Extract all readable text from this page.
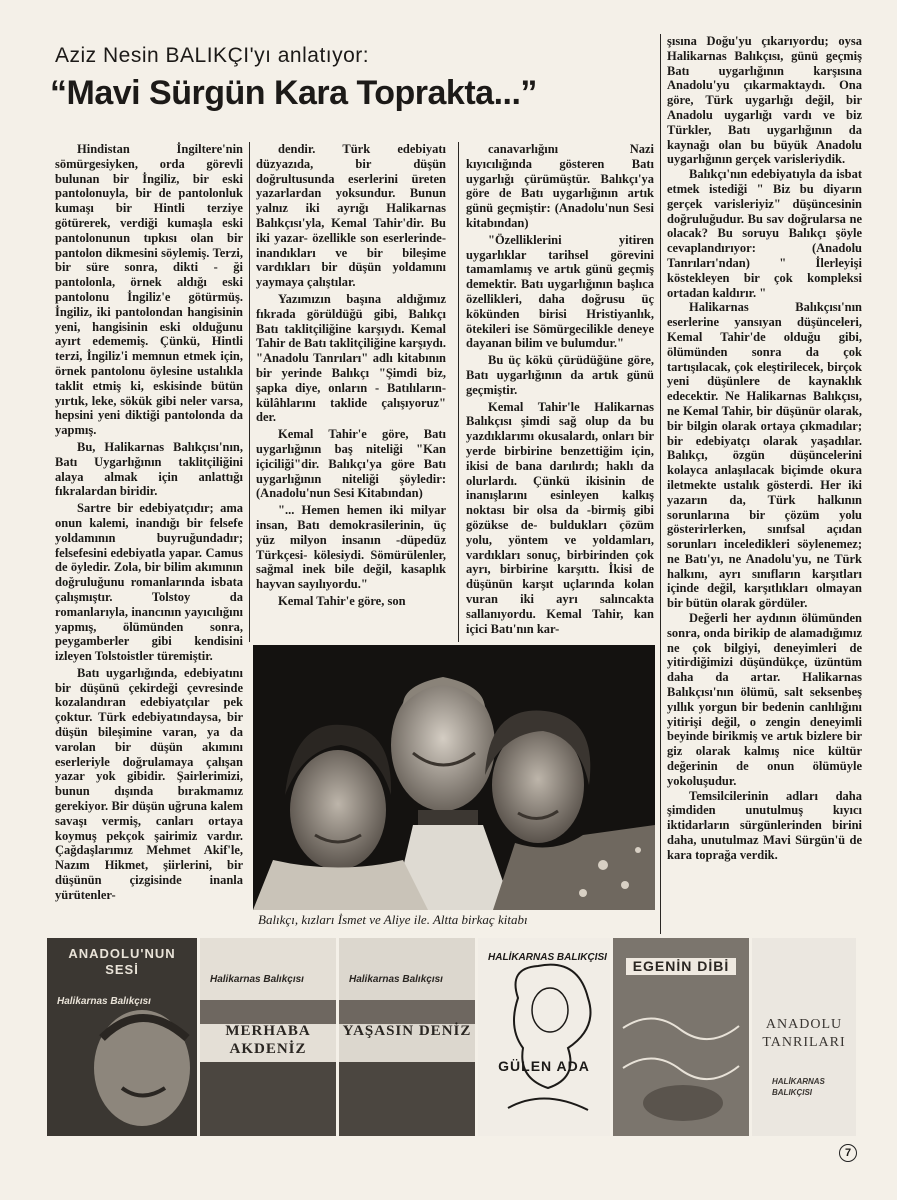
Aziz Nesin BALIKÇI'yı anlatıyor:
“Mavi Sürgün Kara Toprakta...”

Hindistan İngiltere'nin sömürgesiyken, orda görevli bulunan bir İngiliz, bir eski pantolonuyla, bir de pantolonluk kumaşı bir Hintli terziye götürerek, verdiği kumaşla eski pantolonunun tıpkısı olan bir pantolon dikmesini söylemiş. Terzi, bir süre sonra, dikti - ği pantolonla, örnek aldığı eski pantolonu İngiliz'e götürmüş. İngiliz, iki pantolondan hangisinin yeni, hangisinin eski olduğunu ayırt edememiş. Çünkü, Hintli terzi, İngiliz'i memnun etmek için, örnek pantolonu öylesine ustalıkla taklit etmiş ki, eskisinde bütün yırtık, leke, sökük gibi neler varsa, hepsini yeni diktiği pantolonda da yapmış.

Bu, Halikarnas Balıkçısı'nın, Batı Uygarlığının taklitçiliğini alaya almak için anlattığı fıkralardan biridir.

Sartre bir edebiyatçıdır; ama onun kalemi, inandığı bir felsefe yoldamının buyruğundadır; felsefesini edebiyatla yapar. Camus de öyledir. Zola, bir bilim akımının doğruluğunu romanlarında isbata çalışmıştır. Tolstoy da romanlarıyla, inancının yayıcılığını yapmış, ölümünden sonra, peygamberler gibi kendisini izleyen Tolstoistler türemiştir.

Batı uygarlığında, edebiyatını bir düşünü çekirdeği çevresinde kozalandıran edebiyatçılar pek çoktur. Türk edebiyatındaysa, bir düşün bileşimine varan, ya da varolan bir düşün akımını eserleriyle doğrulamaya çalışan yazar yok gibidir. Şairlerimizi, bunun dışında bırakmamız gerekiyor. Bir düşün uğruna kalem savaşı vermiş, canları ortaya koymuş pekçok şairimiz vardır. Çağdaşlarımız Mehmet Akif'le, Nazım Hikmet, şiirlerini, bir düşünün çizgisinde inanla yürütenler-

dendir. Türk edebiyatı düzyazıda, bir düşün doğrultusunda eserlerini üreten yazarlardan yoksundur. Bunun yalnız iki ayrığı Halikarnas Balıkçısı'yla, Kemal Tahir'dir. Bu iki yazar- özellikle son eserlerinde- inandıkları ve bir bileşime vardıkları bir düşün yoldamını yaymaya çalıştılar.

Yazımızın başına aldığımız fıkrada görüldüğü gibi, Balıkçı Batı taklitçiliğine karşıydı. Kemal Tahir de Batı taklitçiliğine karşıydı. "Anadolu Tanrıları" adlı kitabının bir yerinde Balıkçı "Şimdi biz, şapka diye, onların - Batılıların- külâhlarını taklide çalışıyoruz" der.

Kemal Tahir'e göre, Batı uygarlığının baş niteliği "Kan içiciliği"dir. Balıkçı'ya göre Batı uygarlığının niteliği şöyledir: (Anadolu'nun Sesi Kitabından)

"... Hemen hemen iki milyar insan, Batı demokrasilerinin, üç yüz milyon insanın -düpedüz Türkçesi- kölesiydi. Sömürülenler, sağmal inek bile değil, kasaplık hayvan sayılıyordu."

Kemal Tahir'e göre, son

canavarlığını Nazi kıyıcılığında gösteren Batı uygarlığı çürümüştür. Balıkçı'ya göre de Batı uygarlığının artık günü geçmiştir: (Anadolu'nun Sesi kitabından)

"Özelliklerini yitiren uygarlıklar tarihsel görevini tamamlamış ve artık günü geçmiş demektir. Batı uygarlığının başlıca özellikleri, daha doğrusu üç kökünden birisi Hristiyanlık, ötekileri ise Sömürgecilikle deneye dayanan bilim ve bulumdur."

Bu üç kökü çürüdüğüne göre, Batı uygarlığının da artık günü geçmiştir.

Kemal Tahir'le Halikarnas Balıkçısı şimdi sağ olup da bu yazdıklarımı okusalardı, onları bir yerde birbirine benzettiğim için, ikisi de bana darılırdı; haklı da olurlardı. Çünkü ikisinin de inanışlarını esinleyen kalkış noktası bir olsa da -birmiş gibi gözükse de- buldukları çözüm yolu, yöntem ve yoldamları, vardıkları sonuç, birbirinden çok ayrı, birbirine karşıttı. İkisi de düşünün karşıt uçlarında kolan vuran iki ayrı salıncakta sallanıyordu. Kemal Tahir, kan içici Batı'nın kar-

şısına Doğu'yu çıkarıyordu; oysa Halikarnas Balıkçısı, günü geçmiş Batı uygarlığının karşısına Anadolu'yu çıkarmaktaydı. Ona göre, Türk uygarlığı değil, bir Anadolu uygarlığı vardı ve biz Türkler, Batı uygarlığının da kaynağı olan bu büyük Anadolu uygarlığının gerçek varisleriydik.

Balıkçı'nın edebiyatıyla da isbat etmek istediği " Biz bu diyarın gerçek varisleriyiz" düşüncesinin doğruluğudur. Bu sav doğrularsa ne olacak? Bu soruyu Balıkçı şöyle cevaplandırıyor: (Anadolu Tanrıları'ndan) " İlerleyişi köstekleyen bir çok kompleksi ortadan kaldırır. "

Halikarnas Balıkçısı'nın eserlerine yansıyan düşünceleri, Kemal Tahir'de olduğu gibi, ölümünden sonra da çok tartışılacak, çok eleştirilecek, birçok yeni düşünlere de kaynaklık edecektir. Ne Halikarnas Balıkçısı, ne Kemal Tahir, bir düşünür olarak, bir bilgin olarak ortaya çıkmadılar; bir edebiyatçı olarak yaşadılar. Balıkçı, özgün düşüncelerini kolayca anlaşılacak biçimde okura iletmekte ustalık gösterdi. Her iki yazarın da, Türk halkının sorunlarına bir çözüm yolu gösterirlerken, sınıfsal açıdan sorunları inceledikleri söylenemez; ne Batı'yı, ne Anadolu'yu, ne Türk halkını, ayrı sınıfların karşıtları içinde değil, karşıtlıkları olmayan bir bütün olarak gördüler.

Değerli her aydının ölümünden sonra, onda birikip de alamadığımız ne çok bilgiyi, deneyimleri de yitirdiğimizi düşündükçe, üzüntüm daha da artar. Halikarnas Balıkçısı'nın ölümü, salt seksenbeş yıllık yorgun bir bedenin canlılığını yitirişi değil, o zengin deneyimli beyinde birikmiş ve artık bizlere bir giz olarak kalmış nice kültür değerinin de onun ölümüyle yokoluşudur.

Temsilcilerinin adları daha şimdiden unutulmuş kıyıcı iktidarların sürgünlerinden birini daha, unutulmaz Mavi Sürgün'ü de kara toprağa verdik.

Balıkçı, kızları İsmet ve Aliye ile. Altta birkaç kitabı
ANADOLU'NUN SESİ
Halikarnas Balıkçısı
Halikarnas Balıkçısı
MERHABA AKDENİZ
Halikarnas Balıkçısı
YAŞASIN DENİZ
HALİKARNAS BALIKÇISI
GÜLEN ADA
EGENİN DİBİ
ANADOLU TANRILARI
HALİKARNAS BALIKÇISI
7
